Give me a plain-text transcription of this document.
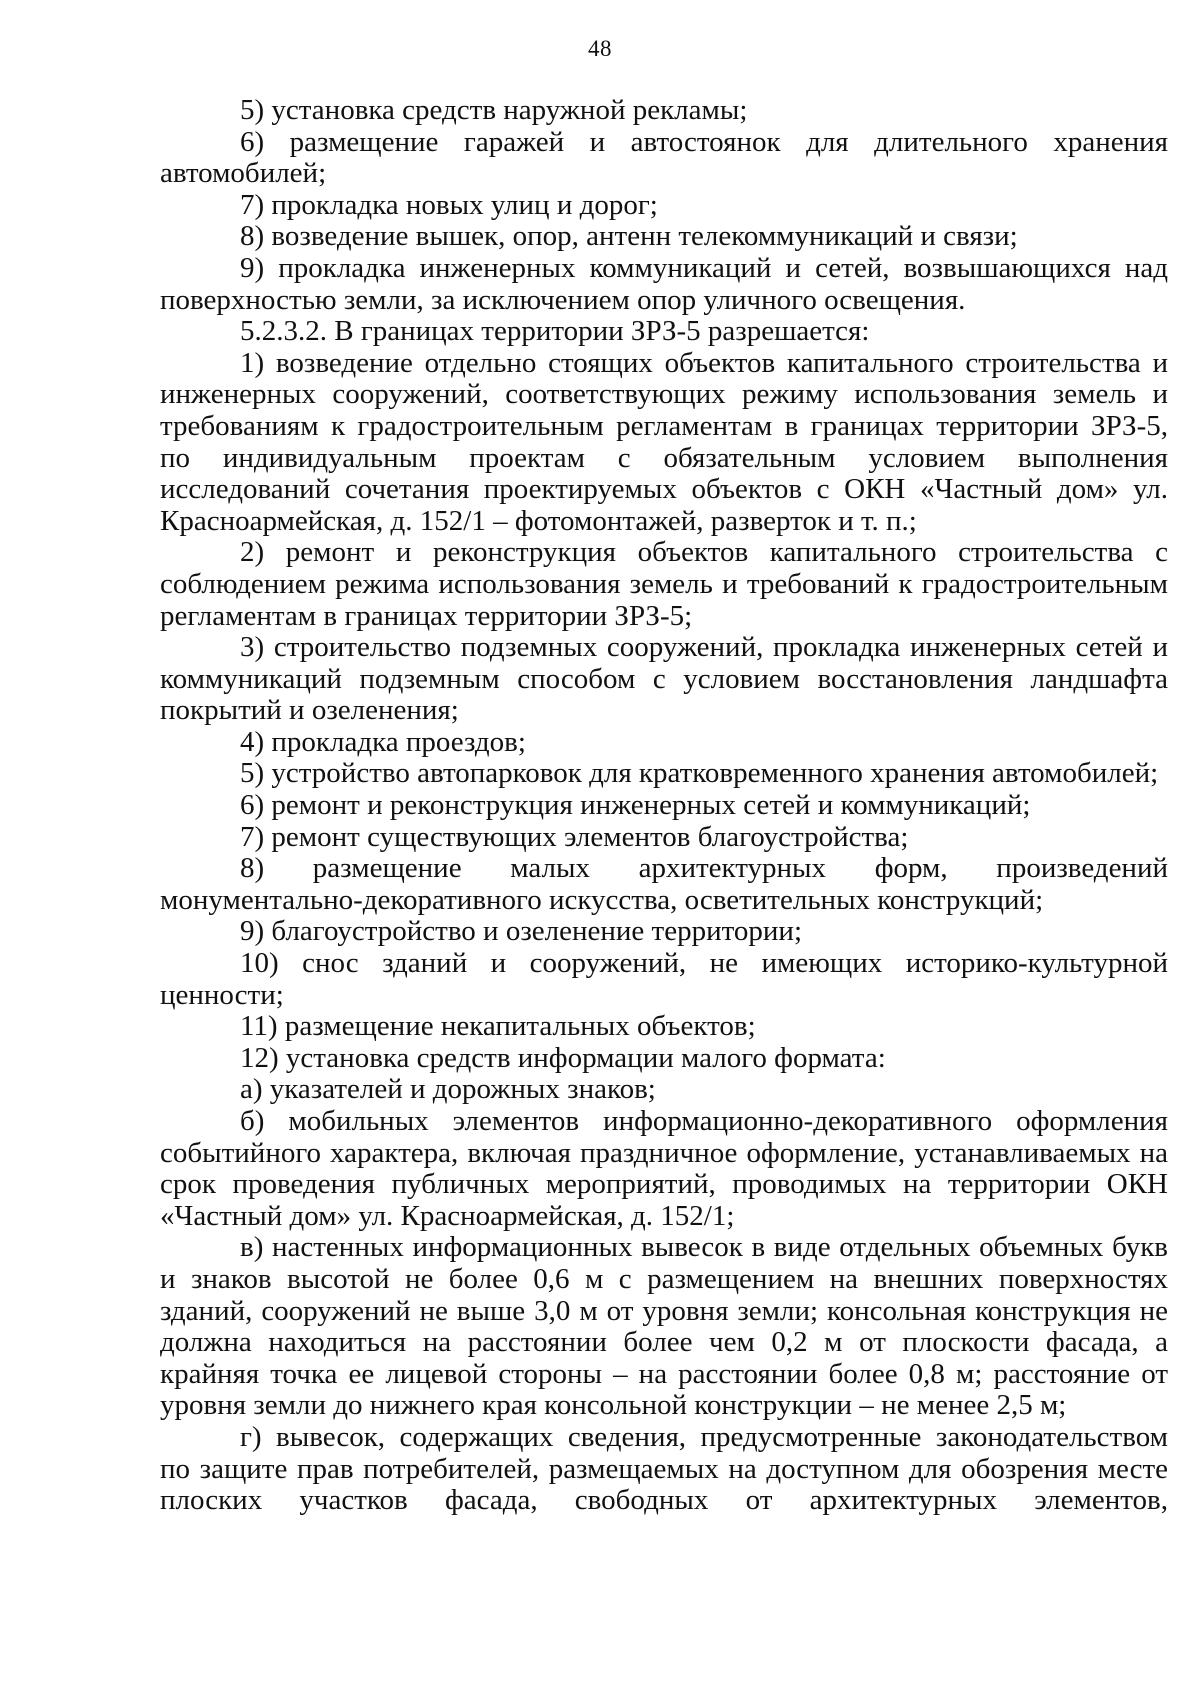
48

5) установка средств наружной рекламы;

6) размещение гаражей и автостоянок для длительного хранения автомобилей;

7) прокладка новых улиц и дорог;

8) возведение вышек, опор, антенн телекоммуникаций и связи;

9) прокладка инженерных коммуникаций и сетей, возвышающихся над поверхностью земли, за исключением опор уличного освещения.

5.2.3.2. В границах территории ЗРЗ-5 разрешается:

1) возведение отдельно стоящих объектов капитального строительства и инженерных сооружений, соответствующих режиму использования земель и требованиям к градостроительным регламентам в границах территории ЗРЗ-5, по индивидуальным проектам с обязательным условием выполнения исследований сочетания проектируемых объектов с ОКН «Частный дом» ул. Красноармейская, д. 152/1 – фотомонтажей, разверток и т. п.;

2) ремонт и реконструкция объектов капитального строительства с соблюдением режима использования земель и требований к градостроительным регламентам в границах территории ЗРЗ-5;

3) строительство подземных сооружений, прокладка инженерных сетей и коммуникаций подземным способом с условием восстановления ландшафта покрытий и озеленения;

4) прокладка проездов;

5) устройство автопарковок для кратковременного хранения автомобилей;

6) ремонт и реконструкция инженерных сетей и коммуникаций;

7) ремонт существующих элементов благоустройства;

8) размещение малых архитектурных форм, произведений монументально-декоративного искусства, осветительных конструкций;

9) благоустройство и озеленение территории;

10) снос зданий и сооружений, не имеющих историко-культурной ценности;

11) размещение некапитальных объектов;

12) установка средств информации малого формата:

а) указателей и дорожных знаков;

б) мобильных элементов информационно-декоративного оформления событийного характера, включая праздничное оформление, устанавливаемых на срок проведения публичных мероприятий, проводимых на территории ОКН «Частный дом» ул. Красноармейская, д. 152/1;

в) настенных информационных вывесок в виде отдельных объемных букв и знаков высотой не более 0,6 м с размещением на внешних поверхностях зданий, сооружений не выше 3,0 м от уровня земли; консольная конструкция не должна находиться на расстоянии более чем 0,2 м от плоскости фасада, а крайняя точка ее лицевой стороны – на расстоянии более 0,8 м; расстояние от уровня земли до нижнего края консольной конструкции – не менее 2,5 м;

г) вывесок, содержащих сведения, предусмотренные законодательством по защите прав потребителей, размещаемых на доступном для обозрения месте плоских участков фасада, свободных от архитектурных элементов,
